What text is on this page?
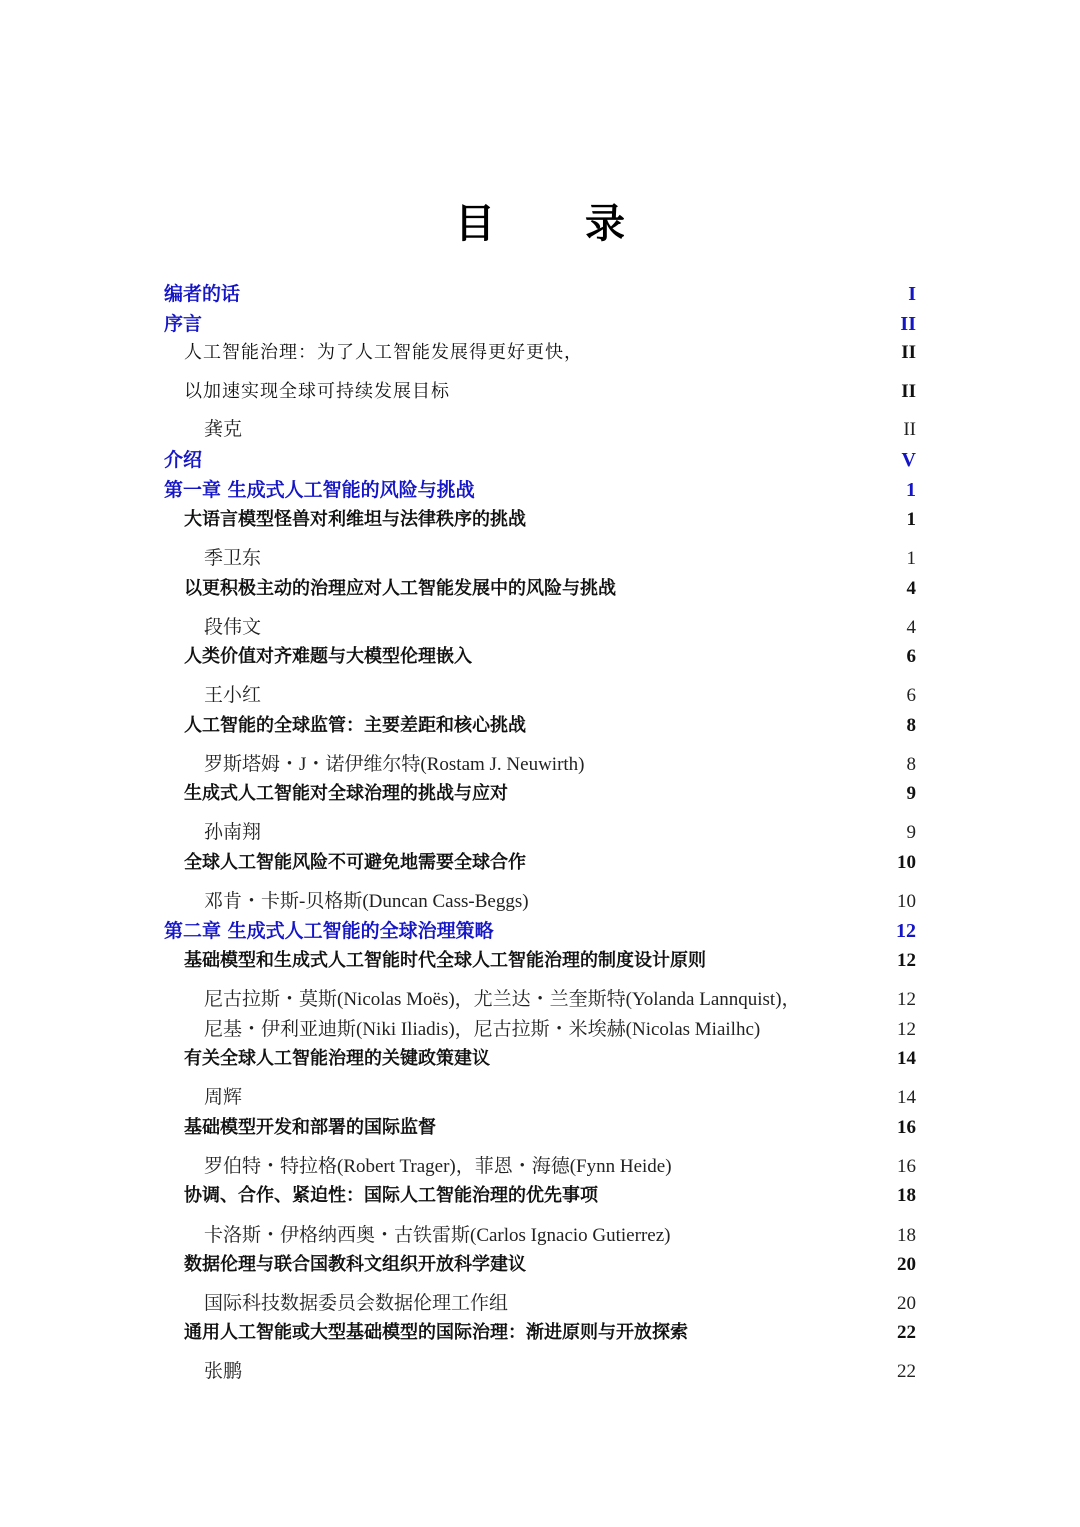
目 录
编者的话	I
序言	II
人工智能治理：为了人工智能发展得更好更快，	II
以加速实现全球可持续发展目标	II
龚克	II
介绍	V
第一章 生成式人工智能的风险与挑战	1
大语言模型怪兽对利维坦与法律秩序的挑战	1
季卫东	1
以更积极主动的治理应对人工智能发展中的风险与挑战	4
段伟文	4
人类价值对齐难题与大模型伦理嵌入	6
王小红	6
人工智能的全球监管：主要差距和核心挑战	8
罗斯塔姆・J・诺伊维尔特(Rostam J. Neuwirth)	8
生成式人工智能对全球治理的挑战与应对	9
孙南翔	9
全球人工智能风险不可避免地需要全球合作	10
邓肯・卡斯-贝格斯(Duncan Cass-Beggs)	10
第二章 生成式人工智能的全球治理策略	12
基础模型和生成式人工智能时代全球人工智能治理的制度设计原则	12
尼古拉斯・莫斯(Nicolas Moës)，尤兰达・兰奎斯特(Yolanda Lannquist)，	12
尼基・伊利亚迪斯(Niki Iliadis)，尼古拉斯・米埃赫(Nicolas Miailhc)	12
有关全球人工智能治理的关键政策建议	14
周辉	14
基础模型开发和部署的国际监督	16
罗伯特・特拉格(Robert Trager)，菲恩・海德(Fynn Heide)	16
协调、合作、紧迫性：国际人工智能治理的优先事项	18
卡洛斯・伊格纳西奥・古铁雷斯(Carlos Ignacio Gutierrez)	18
数据伦理与联合国教科文组织开放科学建议	20
国际科技数据委员会数据伦理工作组	20
通用人工智能或大型基础模型的国际治理：渐进原则与开放探索	22
张鹏	22
